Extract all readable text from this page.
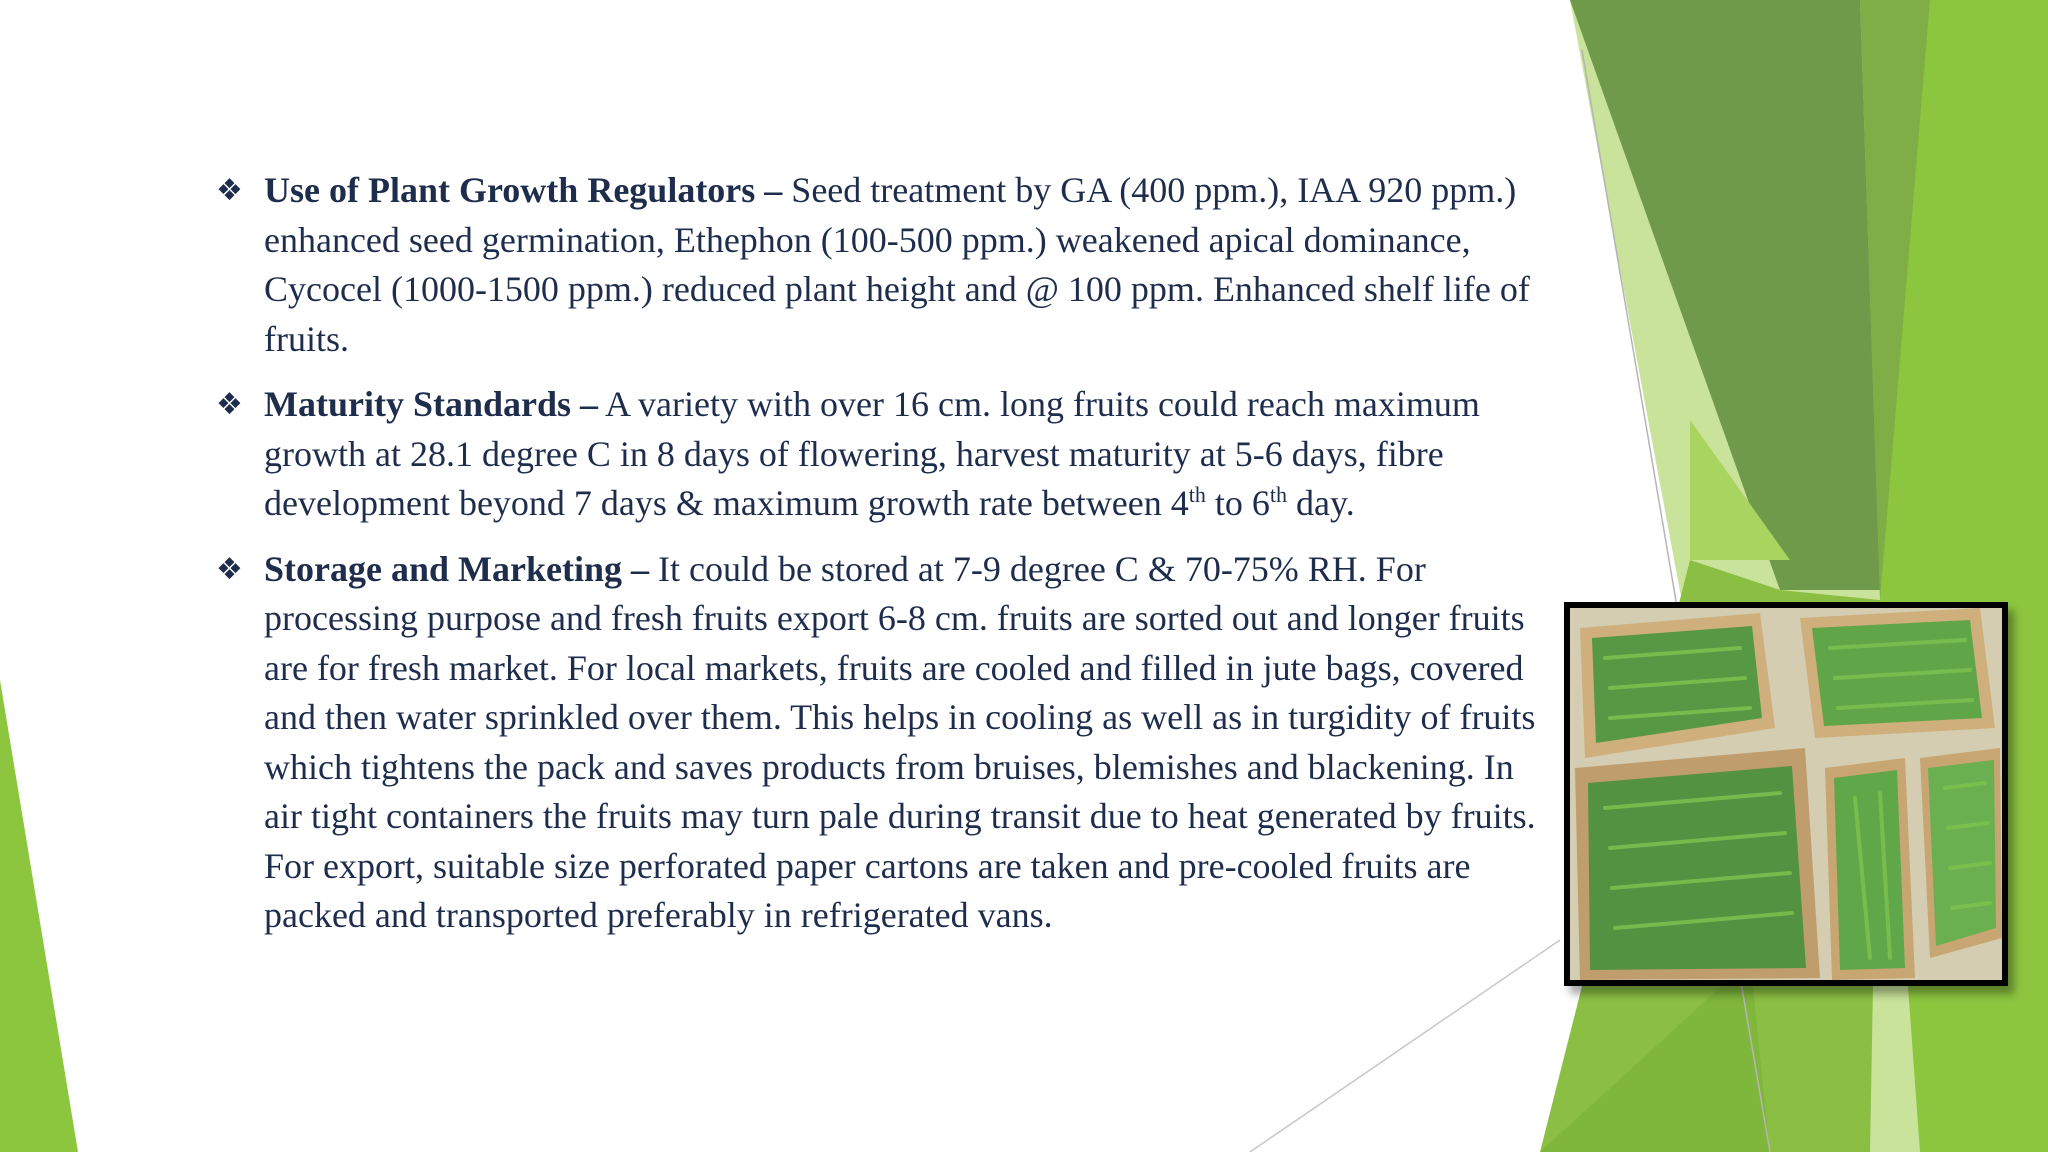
❖ Use of Plant Growth Regulators – Seed treatment by GA (400 ppm.), IAA 920 ppm.) enhanced seed germination, Ethephon (100-500 ppm.) weakened apical dominance, Cycocel (1000-1500 ppm.) reduced plant height and @ 100 ppm. Enhanced shelf life of fruits.
❖ Maturity Standards – A variety with over 16 cm. long fruits could reach maximum growth at 28.1 degree C in 8 days of flowering, harvest maturity at 5-6 days, fibre development beyond 7 days & maximum growth rate between 4th to 6th day.
❖ Storage and Marketing – It could be stored at 7-9 degree C & 70-75% RH. For processing purpose and fresh fruits export 6-8 cm. fruits are sorted out and longer fruits are for fresh market. For local markets, fruits are cooled and filled in jute bags, covered and then water sprinkled over them. This helps in cooling as well as in turgidity of fruits which tightens the pack and saves products from bruises, blemishes and blackening. In air tight containers the fruits may turn pale during transit due to heat generated by fruits. For export, suitable size perforated paper cartons are taken and pre-cooled fruits are packed and transported preferably in refrigerated vans.
